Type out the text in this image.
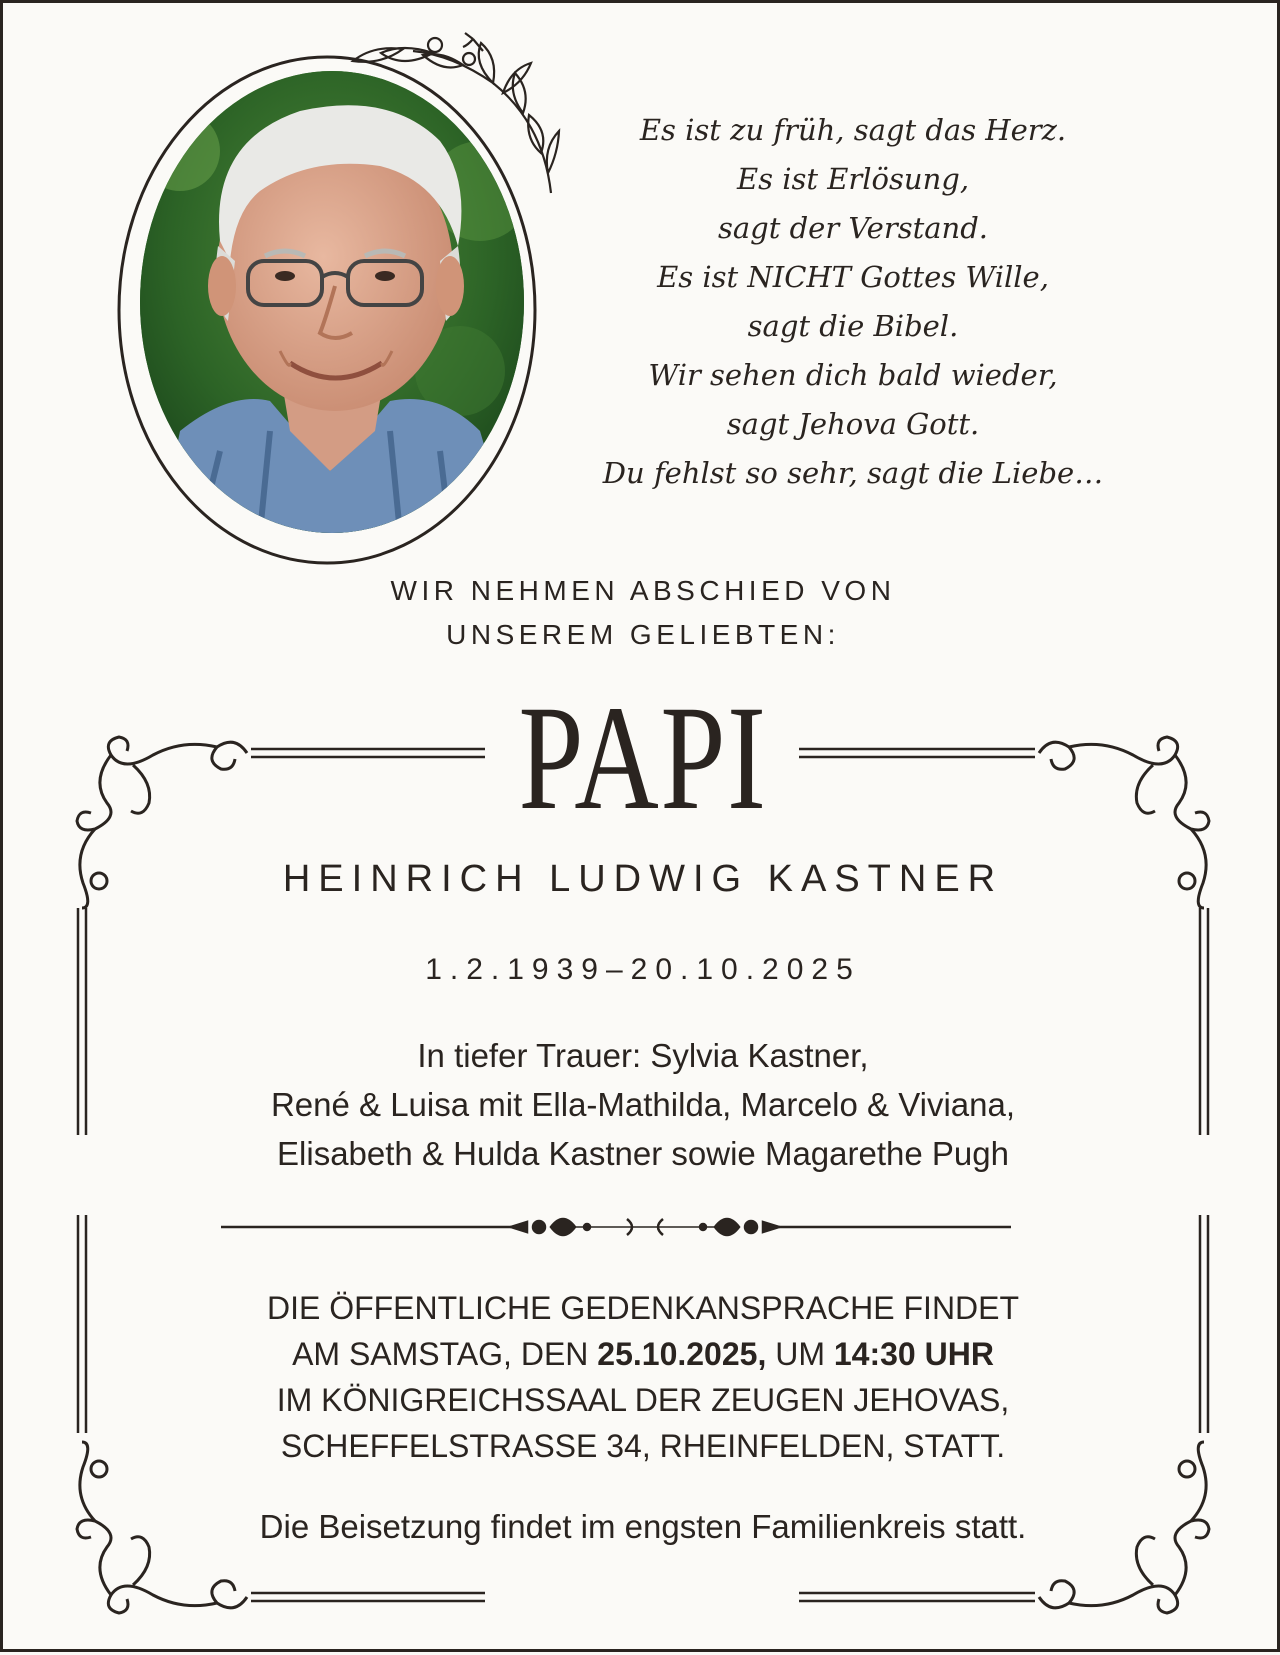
Es ist zu früh, sagt das Herz.
Es ist Erlösung,
sagt der Verstand.
Es ist NICHT Gottes Wille,
sagt die Bibel.
Wir sehen dich bald wieder,
sagt Jehova Gott.
Du fehlst so sehr, sagt die Liebe…
WIR NEHMEN ABSCHIED VON
UNSEREM GELIEBTEN:
PAPI
HEINRICH LUDWIG KASTNER
1.2.1939–20.10.2025
In tiefer Trauer: Sylvia Kastner,
René & Luisa mit Ella-Mathilda, Marcelo & Viviana,
Elisabeth & Hulda Kastner sowie Magarethe Pugh
DIE ÖFFENTLICHE GEDENKANSPRACHE FINDET
AM SAMSTAG, DEN 25.10.2025, UM 14:30 UHR
IM KÖNIGREICHSSAAL DER ZEUGEN JEHOVAS,
SCHEFFELSTRASSE 34, RHEINFELDEN, STATT.
Die Beisetzung findet im engsten Familienkreis statt.
